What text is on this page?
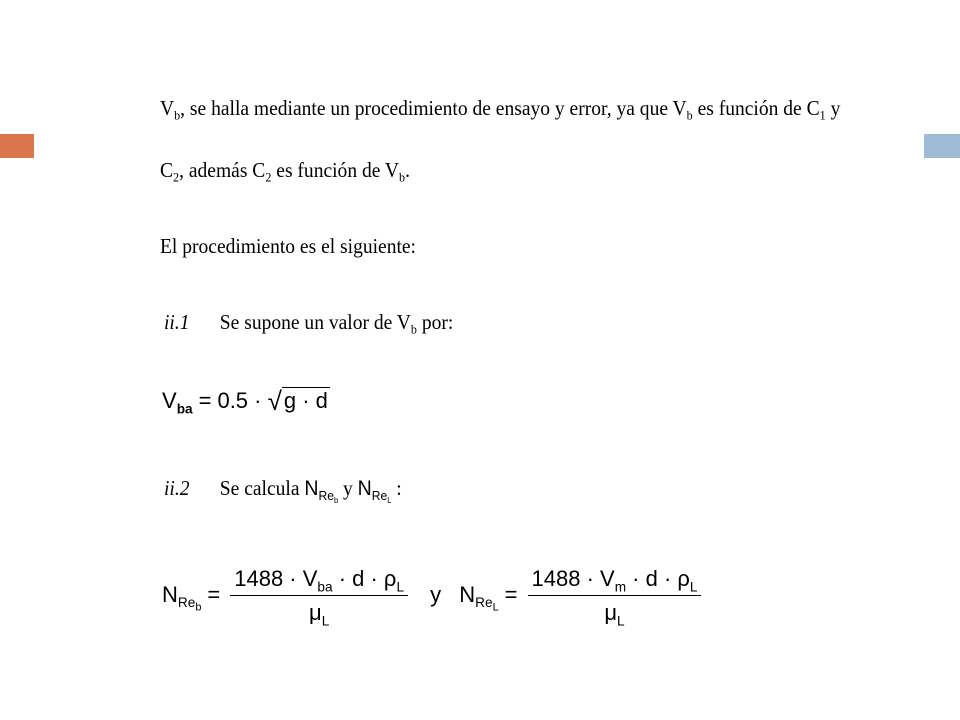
$V_b$, se halla mediante un procedimiento de ensayo y error, ya que $V_b$ es función de $C_1$ y
$C_2$, además $C_2$ es función de $V_b$.
El procedimiento es el siguiente:
ii.1 Se supone un valor de $V_b$ por:
$V_{ba} = 0.5 \cdot √g \cdot d$
ii.2 Se calcula $N_{Re_b}$ y $N_{Re_L}$ :
$N_{Re_b}= \frac{1488 \cdot V_{ba} \cdot d \cdot \rho_L}{\mu_L}$ y $N_{Re_L}= \frac{1488 \cdot V_m \cdot d \cdot \rho_L}{\mu_L}$
